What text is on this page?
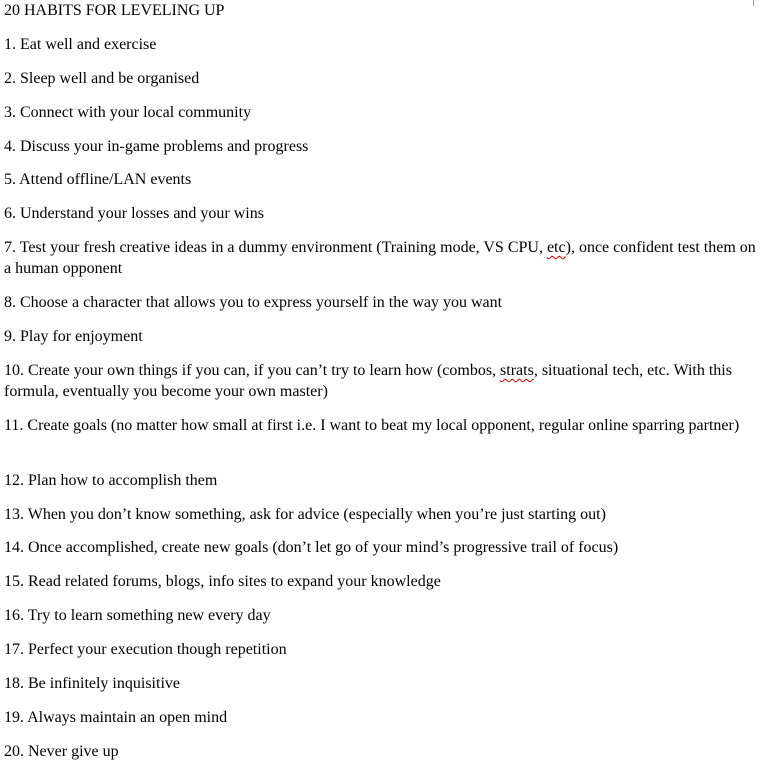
20 HABITS FOR LEVELING UP
1. Eat well and exercise
2. Sleep well and be organised
3. Connect with your local community
4. Discuss your in-game problems and progress
5. Attend offline/LAN events
6. Understand your losses and your wins
7. Test your fresh creative ideas in a dummy environment (Training mode, VS CPU, etc), once confident test them on a human opponent
8. Choose a character that allows you to express yourself in the way you want
9. Play for enjoyment
10. Create your own things if you can, if you can’t try to learn how (combos, strats, situational tech, etc. With this formula, eventually you become your own master)
11. Create goals (no matter how small at first i.e. I want to beat my local opponent, regular online sparring partner)
12. Plan how to accomplish them
13. When you don’t know something, ask for advice (especially when you’re just starting out)
14. Once accomplished, create new goals (don’t let go of your mind’s progressive trail of focus)
15. Read related forums, blogs, info sites to expand your knowledge
16. Try to learn something new every day
17. Perfect your execution though repetition
18. Be infinitely inquisitive
19. Always maintain an open mind
20. Never give up
